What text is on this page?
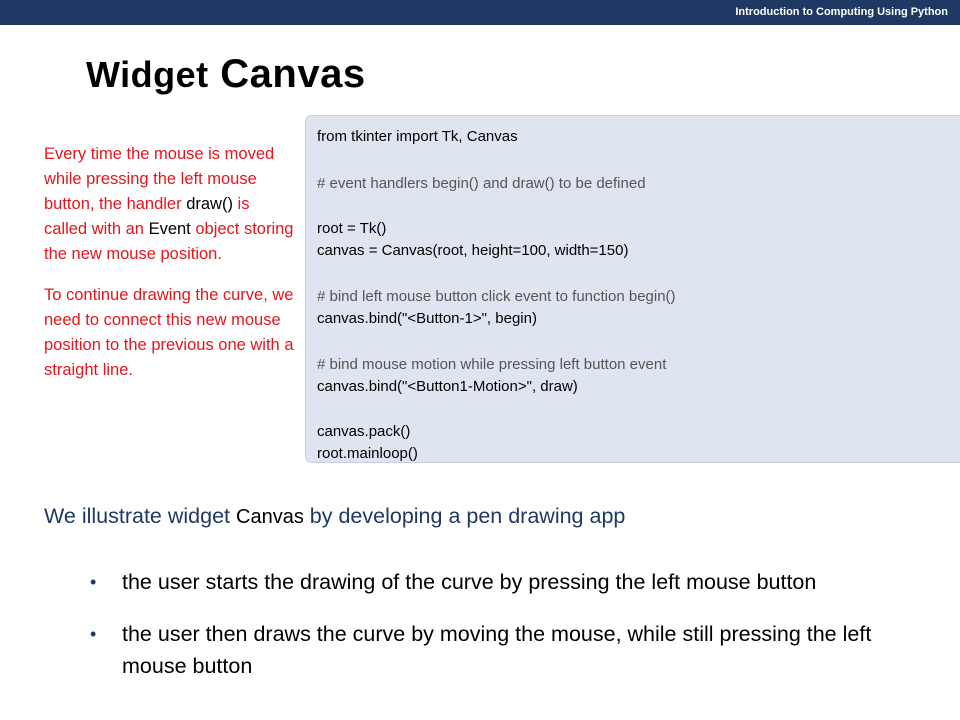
Introduction to Computing Using Python
Widget Canvas

Every time the mouse is moved while pressing the left mouse button, the handler draw() is called with an Event object storing the new mouse position.

To continue drawing the curve, we need to connect this new mouse position to the previous one with a straight line.

from tkinter import Tk, Canvas
# event handlers begin() and draw() to be defined
root = Tk()
canvas = Canvas(root, height=100, width=150)
# bind left mouse button click event to function begin()
canvas.bind("<Button-1>", begin)
# bind mouse motion while pressing left button event
canvas.bind("<Button1-Motion>", draw)
canvas.pack()
root.mainloop()
We illustrate widget Canvas by developing a pen drawing app
• the user starts the drawing of the curve by pressing the left mouse button
• the user then draws the curve by moving the mouse, while still pressing the left mouse button
